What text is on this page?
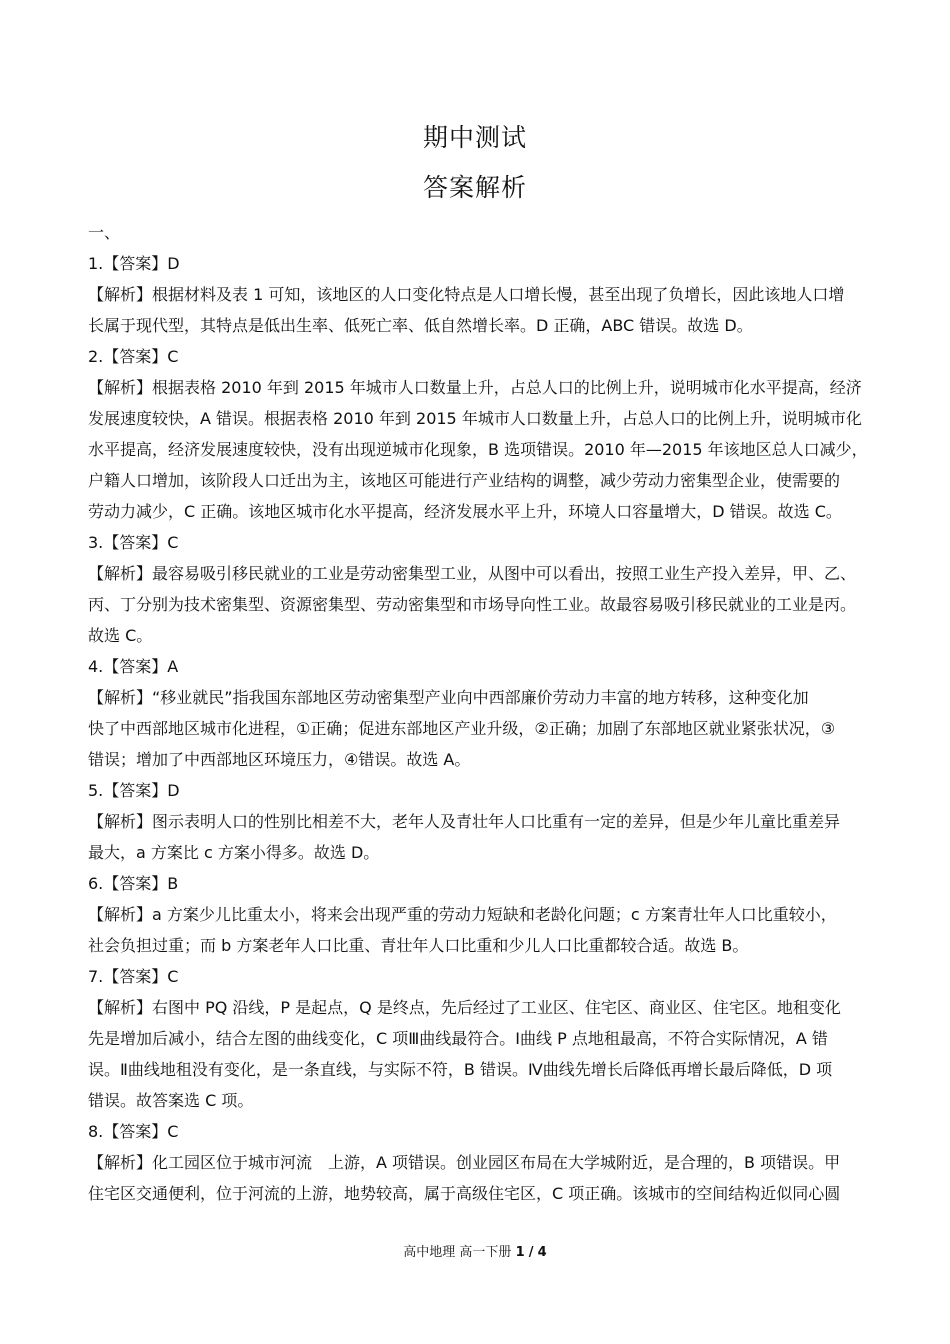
期中测试
答案解析
一、
1.【答案】D
【解析】根据材料及表 1 可知，该地区的人口变化特点是人口增长慢，甚至出现了负增长，因此该地人口增
长属于现代型，其特点是低出生率、低死亡率、低自然增长率。D 正确，ABC 错误。故选 D。
2.【答案】C
【解析】根据表格 2010 年到 2015 年城市人口数量上升，占总人口的比例上升，说明城市化水平提高，经济
发展速度较快，A 错误。根据表格 2010 年到 2015 年城市人口数量上升，占总人口的比例上升，说明城市化
水平提高，经济发展速度较快，没有出现逆城市化现象，B 选项错误。2010 年—2015 年该地区总人口减少，
户籍人口增加，该阶段人口迁出为主，该地区可能进行产业结构的调整，减少劳动力密集型企业，使需要的
劳动力减少，C 正确。该地区城市化水平提高，经济发展水平上升，环境人口容量增大，D 错误。故选 C。
3.【答案】C
【解析】最容易吸引移民就业的工业是劳动密集型工业，从图中可以看出，按照工业生产投入差异，甲、乙、
丙、丁分别为技术密集型、资源密集型、劳动密集型和市场导向性工业。故最容易吸引移民就业的工业是丙。
故选 C。
4.【答案】A
【解析】“移业就民”指我国东部地区劳动密集型产业向中西部廉价劳动力丰富的地方转移，这种变化加
快了中西部地区城市化进程，①正确；促进东部地区产业升级，②正确；加剧了东部地区就业紧张状况，③
错误；增加了中西部地区环境压力，④错误。故选 A。
5.【答案】D
【解析】图示表明人口的性别比相差不大，老年人及青壮年人口比重有一定的差异，但是少年儿童比重差异
最大，a 方案比 c 方案小得多。故选 D。
6.【答案】B
【解析】a 方案少儿比重太小，将来会出现严重的劳动力短缺和老龄化问题；c 方案青壮年人口比重较小，
社会负担过重；而 b 方案老年人口比重、青壮年人口比重和少儿人口比重都较合适。故选 B。
7.【答案】C
【解析】右图中 PQ 沿线，P 是起点，Q 是终点，先后经过了工业区、住宅区、商业区、住宅区。地租变化
先是增加后减小，结合左图的曲线变化，C 项Ⅲ曲线最符合。Ⅰ曲线 P 点地租最高，不符合实际情况，A 错
误。Ⅱ曲线地租没有变化，是一条直线，与实际不符，B 错误。Ⅳ曲线先增长后降低再增长最后降低，D 项
错误。故答案选 C 项。
8.【答案】C
【解析】化工园区位于城市河流　上游，A 项错误。创业园区布局在大学城附近，是合理的，B 项错误。甲
住宅区交通便利，位于河流的上游，地势较高，属于高级住宅区，C 项正确。该城市的空间结构近似同心圆
高中地理 高一下册 1 / 4
